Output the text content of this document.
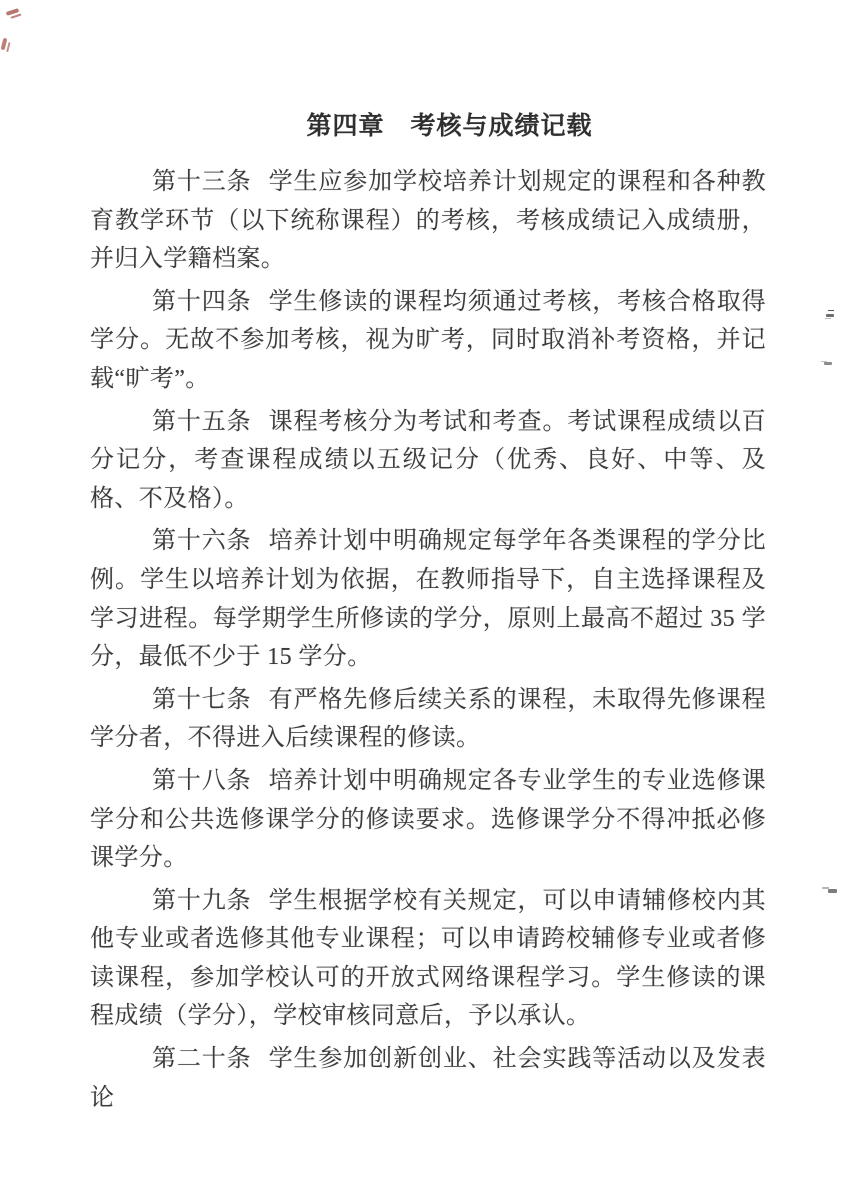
第四章　考核与成绩记载

第十三条 学生应参加学校培养计划规定的课程和各种教育教学环节（以下统称课程）的考核，考核成绩记入成绩册，并归入学籍档案。

第十四条 学生修读的课程均须通过考核，考核合格取得学分。无故不参加考核，视为旷考，同时取消补考资格，并记载“旷考”。

第十五条 课程考核分为考试和考查。考试课程成绩以百分记分，考查课程成绩以五级记分（优秀、良好、中等、及格、不及格）。

第十六条 培养计划中明确规定每学年各类课程的学分比例。学生以培养计划为依据，在教师指导下，自主选择课程及学习进程。每学期学生所修读的学分，原则上最高不超过 35 学分，最低不少于 15 学分。

第十七条 有严格先修后续关系的课程，未取得先修课程学分者，不得进入后续课程的修读。

第十八条 培养计划中明确规定各专业学生的专业选修课学分和公共选修课学分的修读要求。选修课学分不得冲抵必修课学分。

第十九条 学生根据学校有关规定，可以申请辅修校内其他专业或者选修其他专业课程；可以申请跨校辅修专业或者修读课程，参加学校认可的开放式网络课程学习。学生修读的课程成绩（学分），学校审核同意后，予以承认。

第二十条 学生参加创新创业、社会实践等活动以及发表论
